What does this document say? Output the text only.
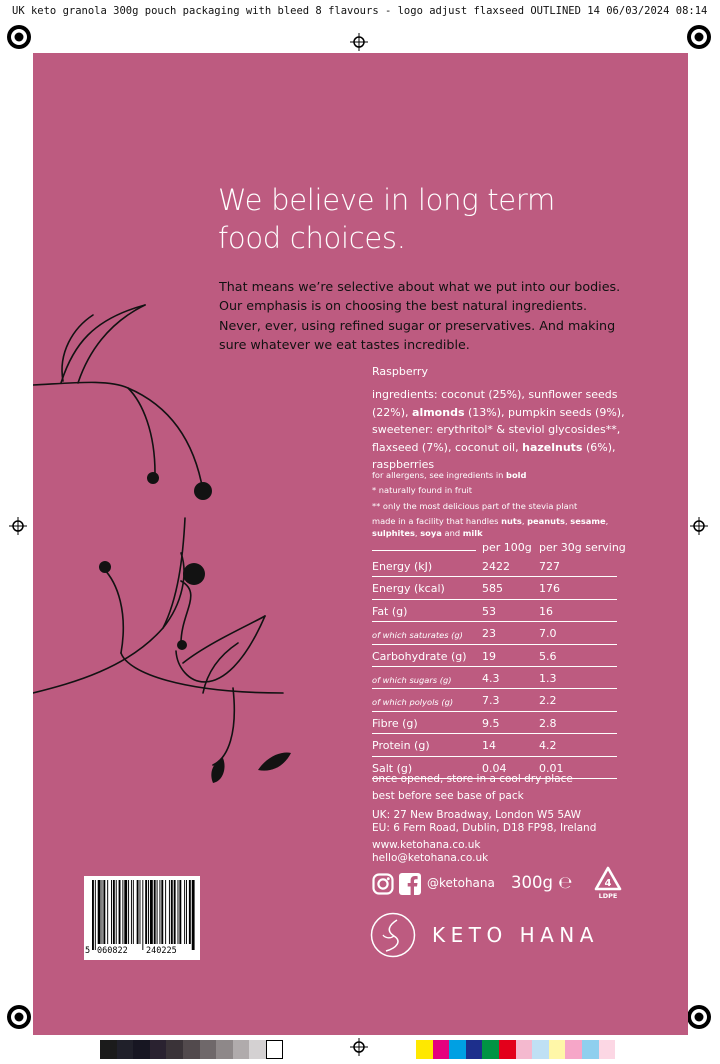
UK keto granola 300g pouch packaging with bleed 8 flavours - logo adjust flaxseed OUTLINED 14 06/03/2024 08:14
We believe in long term
food choices.
That means we’re selective about what we put into our bodies.
Our emphasis is on choosing the best natural ingredients.
Never, ever, using refined sugar or preservatives. And making
sure whatever we eat tastes incredible.
Raspberry
ingredients: coconut (25%), sunflower seeds (22%), almonds (13%), pumpkin seeds (9%), sweetener: erythritol* & steviol glycosides**, flaxseed (7%), coconut oil, hazelnuts (6%), raspberries
for allergens, see ingredients in bold
* naturally found in fruit
** only the most delicious part of the stevia plant
made in a facility that handles nuts, peanuts, sesame,
sulphites, soya and milk
per 100g per 30g serving
Energy (kJ)	2422	727
Energy (kcal)	585	176
Fat (g)	53	16
of which saturates (g) 23	7.0
Carbohydrate (g) 19	5.6
of which sugars (g)	4.3	1.3
of which polyols (g)	7.3	2.2
Fibre (g)	9.5	2.8
Protein (g)	14	4.2
Salt (g)	0.04	0.01
once opened, store in a cool dry place
best before see base of pack
UK: 27 New Broadway, London W5 5AW
EU: 6 Fern Road, Dublin, D18 FP98, Ireland
www.ketohana.co.uk
hello@ketohana.co.uk
@ketohana 300g ℮	4
LDPE
KETO HANA
5 060822 240225
